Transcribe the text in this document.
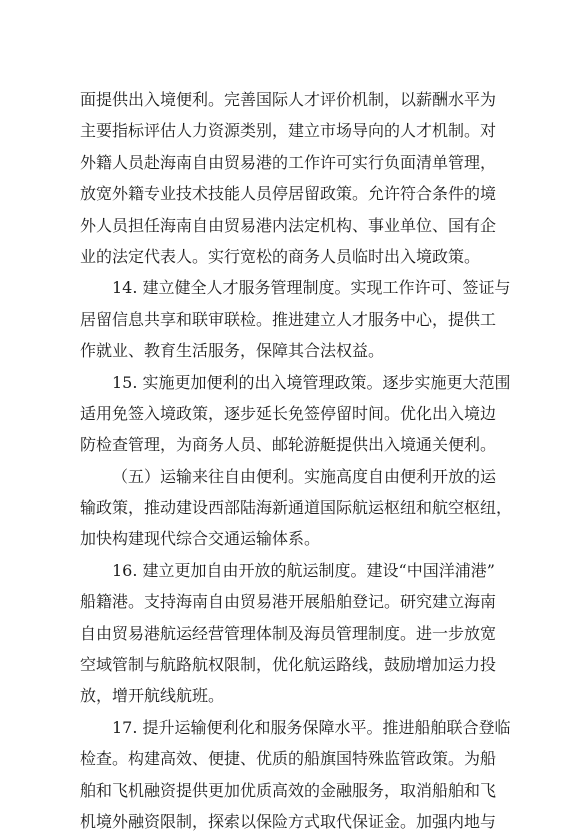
面提供出入境便利。完善国际人才评价机制，以薪酬水平为
主要指标评估人力资源类别，建立市场导向的人才机制。对
外籍人员赴海南自由贸易港的工作许可实行负面清单管理，
放宽外籍专业技术技能人员停居留政策。允许符合条件的境
外人员担任海南自由贸易港内法定机构、事业单位、国有企
业的法定代表人。实行宽松的商务人员临时出入境政策。
14. 建立健全人才服务管理制度。实现工作许可、签证与
居留信息共享和联审联检。推进建立人才服务中心，提供工
作就业、教育生活服务，保障其合法权益。
15. 实施更加便利的出入境管理政策。逐步实施更大范围
适用免签入境政策，逐步延长免签停留时间。优化出入境边
防检查管理，为商务人员、邮轮游艇提供出入境通关便利。
（五）运输来往自由便利。实施高度自由便利开放的运
输政策，推动建设西部陆海新通道国际航运枢纽和航空枢纽，
加快构建现代综合交通运输体系。
16. 建立更加自由开放的航运制度。建设“中国洋浦港”
船籍港。支持海南自由贸易港开展船舶登记。研究建立海南
自由贸易港航运经营管理体制及海员管理制度。进一步放宽
空域管制与航路航权限制，优化航运路线，鼓励增加运力投
放，增开航线航班。
17. 提升运输便利化和服务保障水平。推进船舶联合登临
检查。构建高效、便捷、优质的船旗国特殊监管政策。为船
舶和飞机融资提供更加优质高效的金融服务，取消船舶和飞
机境外融资限制，探索以保险方式取代保证金。加强内地与
